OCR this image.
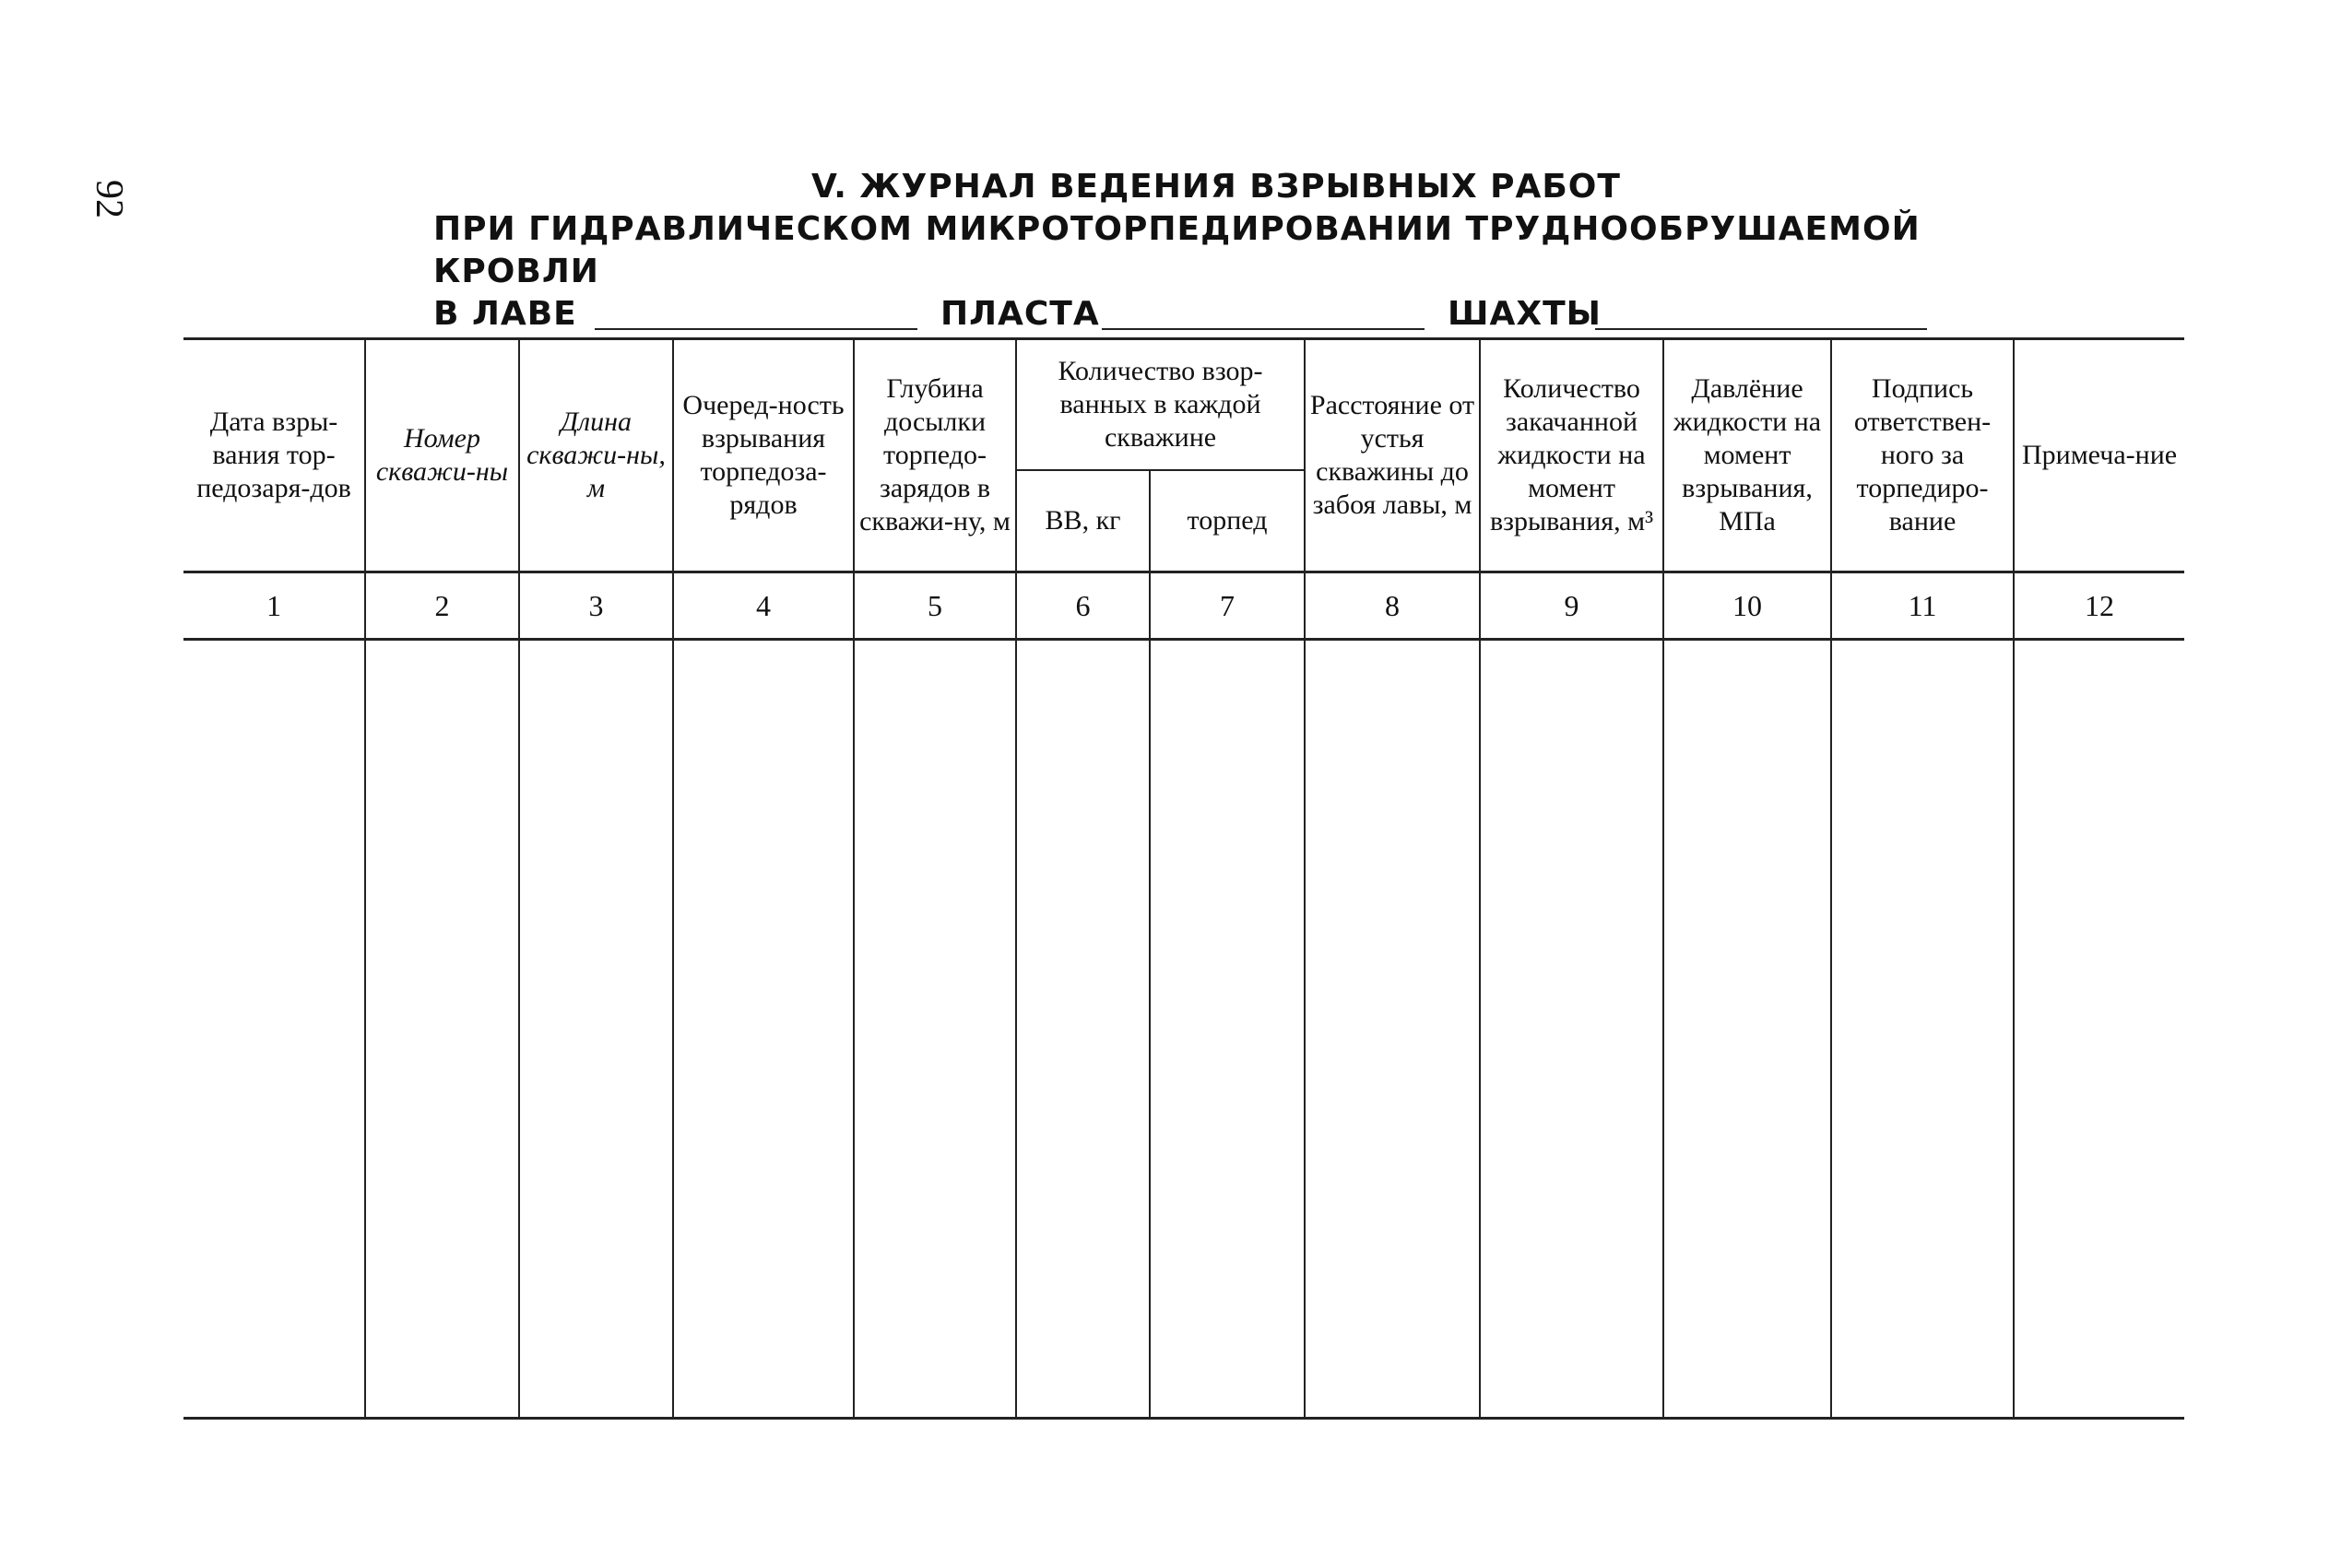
92	V. ЖУРНАЛ ВЕДЕНИЯ ВЗРЫВНЫХ РАБОТ
ПРИ ГИДРАВЛИЧЕСКОМ МИКРОТОРПЕДИРОВАНИИ ТРУДНООБРУШАЕМОЙ КРОВЛИ
В ЛАВЕ	ПЛАСТА	ШАХТЫ
Дата взры-вания тор-педозаря-дов	Номер скважи-ны	Длина скважи-ны, м	Очеред-ность взрывания торпедоза-рядов	Глубина досылки торпедо-зарядов в скважи-ну, м	Количество взор-ванных в каждой скважине		Расстояние от устья скважины до забоя лавы, м	Количество закачанной жидкости на момент взрывания, м³	Давлёние жидкости на момент взрывания, МПа	Подпись ответствен-ного за торпедиро-вание	Примеча-ние
					ВВ, кг	торпед					
1	2	3	4	5	6	7	8	9	10	11	12
